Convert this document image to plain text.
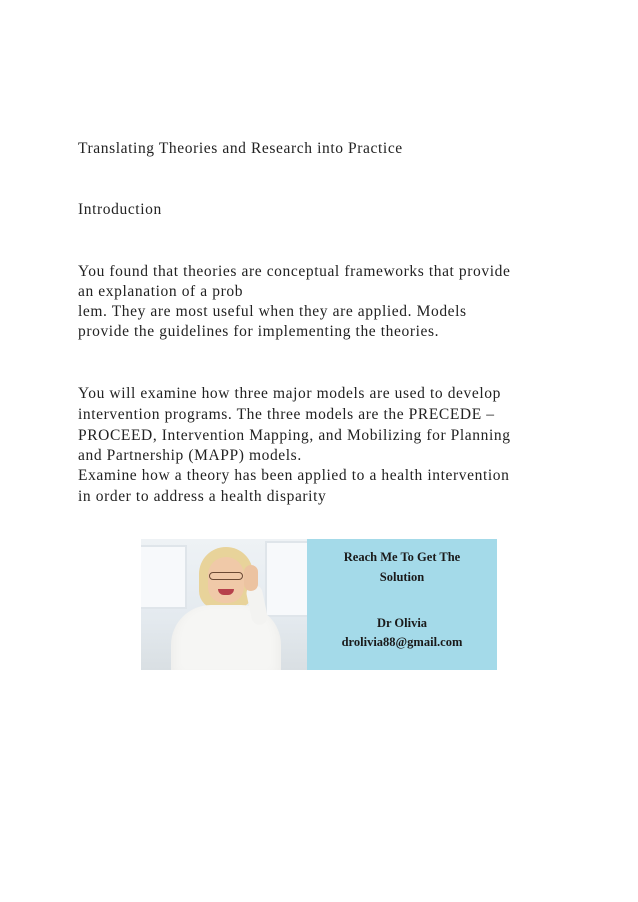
Translating Theories and Research into Practice
Introduction
You found that theories are conceptual frameworks that provide
an explanation of a prob
lem. They are most useful when they are applied. Models
provide the guidelines for implementing the theories.
You will examine how three major models are used to develop
intervention programs. The three models are the PRECEDE –
PROCEED, Intervention Mapping, and Mobilizing for Planning
and Partnership (MAPP) models.
Examine how a theory has been applied to a health intervention
in order to address a health disparity
Reach Me To Get The
Solution
Dr Olivia
drolivia88@gmail.com
